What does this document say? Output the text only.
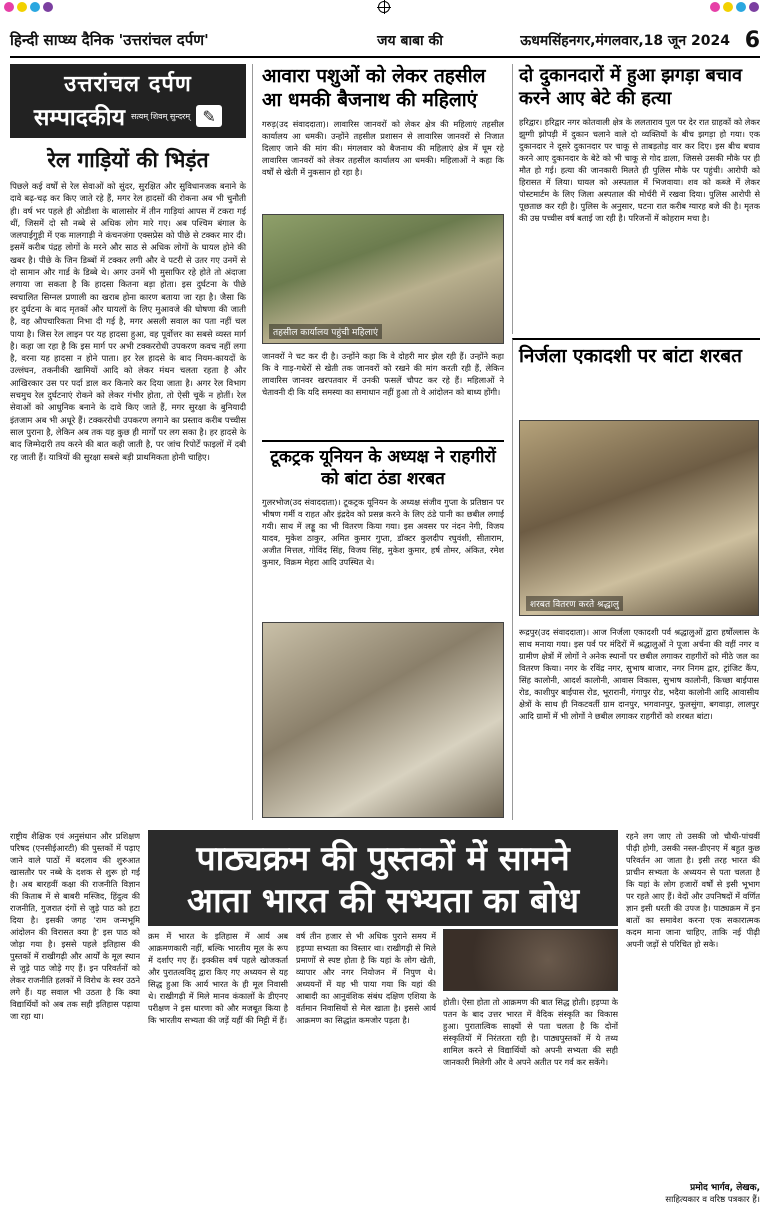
हिन्दी साप्ध्य दैनिक 'उत्तरांचल दर्पण'	जय बाबा की	ऊधमसिंहनगर,मंगलवार,18 जून 2024 6
उत्तरांचल दर्पण
सम्पादकीय सत्यम् शिवम् सुन्दरम् ✎
रेल गाड़ियों की भिड़ंत
पिछले कई वर्षों से रेल सेवाओं को सुंदर, सुरक्षित और सुविधानजक बनाने के दावे बढ़-चढ़ कर किए जाते रहे हैं, मगर रेल हादसों की रोकना अब भी चुनौती ही। वर्ष भर पहले ही ओडीशा के बालासोर में तीन गाड़ियां आपस में टकरा गई थीं, जिसमें दो सौ नब्बे से अधिक लोग मारे गए। अब पश्चिम बंगाल के जलपाईगुड़ी में एक मालगाड़ी ने कंचनजंगा एक्सप्रेस को पीछे से टक्कर मार दी। इसमें करीब पंद्रह लोगों के मरने और साठ से अधिक लोगों के घायल होने की खबर है। पीछे के जिन डिब्बों में टक्कर लगी और वे पटरी से उतर गए उनमें से दो सामान और गार्ड के डिब्बे थे। अगर उनमें भी मुसाफिर रहे होते तो अंदाजा लगाया जा सकता है कि हादसा कितना बड़ा होता। इस दुर्घटना के पीछे स्वचालित सिग्नल प्रणाली का खराब होना कारण बताया जा रहा है। जैसा कि हर दुर्घटना के बाद मृतकों और घायलों के लिए मुआवजे की घोषणा की जाती है, वह औपचारिकता निभा दी गई है, मगर असली सवाल का पता नहीं चल पाया है। जिस रेल लाइन पर यह हादसा हुआ, वह पूर्वोत्तर का सबसे व्यस्त मार्ग है। कहा जा रहा है कि इस मार्ग पर अभी टक्कररोधी उपकरण कवच नहीं लगा है, वरना यह हादसा न होने पाता। हर रेल हादसे के बाद नियम-कायदों के उल्लंघन, तकनीकी खामियों आदि को लेकर मंथन चलता रहता है और आखिरकार उस पर पर्दा डाल कर किनारे कर दिया जाता है। अगर रेल विभाग सचमुच रेल दुर्घटनाएं रोकने को लेकर गंभीर होता, तो ऐसी चूकें न होतीं। रेल सेवाओं को आधुनिक बनाने के दावे किए जाते हैं, मगर सुरक्षा के बुनियादी इंतजाम अब भी अधूरे हैं। टक्कररोधी उपकरण लगाने का प्रस्ताव करीब पच्चीस साल पुराना है, लेकिन अब तक यह कुछ ही मार्गों पर लग सका है। हर हादसे के बाद जिम्मेदारी तय करने की बात कही जाती है, पर जांच रिपोर्टें फाइलों में दबी रह जाती हैं। यात्रियों की सुरक्षा सबसे बड़ी प्राथमिकता होनी चाहिए।
आवारा पशुओं को लेकर तहसील आ धमकी बैजनाथ की महिलाएं
गरुड़(उद संवाददाता)। लावारिस जानवरों को लेकर क्षेत्र की महिलाएं तहसील कार्यालय आ धमकी। उन्होंने तहसील प्रशासन से लावारिस जानवरों से निजात दिलाए जाने की मांग की। मंगलवार को बैजनाथ की महिलाएं क्षेत्र में घूम रहे लावारिस जानवरों को लेकर तहसील कार्यालय आ धमकी। महिलाओं ने कहा कि वर्षों से खेती में नुकसान हो रहा है।
तहसील कार्यालय पहुंची महिलाएं
जानवरों ने चट कर दी है। उन्होंने कहा कि वे दोहरी मार झेल रही हैं। उन्होंने कहा कि वे गाड़-गधेरों से खेती तक जानवरों को रखने की मांग करती रही हैं, लेकिन लावारिस जानवर खरपतवार में उनकी फसलें चौपट कर रहे हैं। महिलाओं ने चेतावनी दी कि यदि समस्या का समाधान नहीं हुआ तो वे आंदोलन को बाध्य होंगी।
दो दुकानदारों में हुआ झगड़ा बचाव करने आए बेटे की हत्या
हरिद्वार। हरिद्वार नगर कोतवाली क्षेत्र के ललताराव पुल पर देर रात ग्राहकों को लेकर झुग्गी झोपड़ी में दुकान चलाने वाले दो व्यक्तियों के बीच झगड़ा हो गया। एक दुकानदार ने दूसरे दुकानदार पर चाकू से ताबड़तोड़ वार कर दिए। इस बीच बचाव करने आए दुकानदार के बेटे को भी चाकू से गोद डाला, जिससे उसकी मौके पर ही मौत हो गई। हत्या की जानकारी मिलते ही पुलिस मौके पर पहुंची। आरोपी को हिरासत में लिया। घायल को अस्पताल में भिजवाया। शव को कब्जे में लेकर पोस्टमार्टम के लिए जिला अस्पताल की मोर्चरी में रखवा दिया। पुलिस आरोपी से पूछताछ कर रही है। पुलिस के अनुसार, घटना रात करीब ग्यारह बजे की है। मृतक की उम्र पच्चीस वर्ष बताई जा रही है। परिजनों में कोहराम मचा है।
टूकट्रक यूनियन के अध्यक्ष ने राहगीरों को बांटा ठंडा शरबत
गुलरभोज(उद संवाददाता)। टूकट्रक यूनियन के अध्यक्ष संजीव गुप्ता के प्रतिष्ठान पर भीषण गर्मी व राहत और इंद्रदेव को प्रसन्न करने के लिए ठंडे पानी का छबील लगाई गयी। साथ में लड्डू का भी वितरण किया गया। इस अवसर पर नंदन नेगी, विजय यादव, मुकेश ठाकुर, अमित कुमार गुप्ता, डॉक्टर कुलदीप रघुवंशी, सीताराम, अजीत मित्तल, गोविंद सिंह, विजय सिंह, मुकेश कुमार, हर्ष तोमर, अंकित, रमेश कुमार, विक्रम मेहरा आदि उपस्थित थे।
निर्जला एकादशी पर बांटा शरबत
शरबत वितरण करते श्रद्धालु
रूद्रपुर(उद संवाददाता)। आज निर्जला एकादशी पर्व श्रद्धालुओं द्वारा हर्षोल्लास के साथ मनाया गया। इस पर्व पर मंदिरों में श्रद्धालुओं ने पूजा अर्चना की वहीं नगर व ग्रामीण क्षेत्रों में लोगों ने अनेक स्थानों पर छबील लगाकर राहगीरों को मीठे जल का वितरण किया। नगर के रविंद्र नगर, सुभाष बाजार, नगर निगम द्वार, ट्रांजिट कैंप, सिंह कालोनी, आदर्श कालोनी, आवास विकास, सुभाष कालोनी, किच्छा बाईपास रोड, काशीपुर बाईपास रोड, भूरारानी, गंगापुर रोड, भदैया कालोनी आदि आवासीय क्षेत्रों के साथ ही निकटवर्ती ग्राम दानपुर, भगवानपुर, फुलसुंगा, बगवाड़ा, लालपुर आदि ग्रामों में भी लोगों ने छबील लगाकर राहगीरों को शरबत बांटा।
राष्ट्रीय शैक्षिक एवं अनुसंधान और प्रशिक्षण परिषद (एनसीईआरटी) की पुस्तकों में पढ़ाए जाने वाले पाठों में बदलाव की शुरुआत खासतौर पर नब्बे के दशक से शुरू हो गई है। अब बारहवीं कक्षा की राजनीति विज्ञान की किताब में से बाबरी मस्जिद, हिंदुत्व की राजनीति, गुजरात दंगों से जुड़े पाठ को हटा दिया है। इसकी जगह 'राम जन्मभूमि आंदोलन की विरासत क्या है' इस पाठ को जोड़ा गया है। इससे पहले इतिहास की पुस्तकों में राखीगढ़ी और आर्यों के मूल स्थान से जुड़े पाठ जोड़े गए हैं। इन परिवर्तनों को लेकर राजनीति हलकों में विरोध के स्वर उठने लगे हैं। यह सवाल भी उठता है कि क्या विद्यार्थियों को अब तक सही इतिहास पढ़ाया जा रहा था।
पाठ्यक्रम की पुस्तकों में सामने
आता भारत की सभ्यता का बोध
क्रम में भारत के इतिहास में आर्य अब आक्रमणकारी नहीं, बल्कि भारतीय मूल के रूप में दर्शाए गए हैं। इक्कीस वर्ष पहले खोजकर्ता और पुरातत्वविद् द्वारा किए गए अध्ययन से यह सिद्ध हुआ कि आर्य भारत के ही मूल निवासी थे। राखीगढ़ी में मिले मानव कंकालों के डीएनए परीक्षण ने इस धारणा को और मजबूत किया है कि भारतीय सभ्यता की जड़ें यहीं की मिट्टी में हैं।
वर्ष तीन हजार से भी अधिक पुराने समय में हड़प्पा सभ्यता का विस्तार था। राखीगढ़ी से मिले प्रमाणों से स्पष्ट होता है कि यहां के लोग खेती, व्यापार और नगर नियोजन में निपुण थे। अध्ययनों में यह भी पाया गया कि यहां की आबादी का आनुवंशिक संबंध दक्षिण एशिया के वर्तमान निवासियों से मेल खाता है। इससे आर्य आक्रमण का सिद्धांत कमजोर पड़ता है।
होती। ऐसा होता तो आक्रमण की बात सिद्ध होती। हड़प्पा के पतन के बाद उत्तर भारत में वैदिक संस्कृति का विकास हुआ। पुरातात्विक साक्ष्यों से पता चलता है कि दोनों संस्कृतियों में निरंतरता रही है। पाठ्यपुस्तकों में ये तथ्य शामिल करने से विद्यार्थियों को अपनी सभ्यता की सही जानकारी मिलेगी और वे अपने अतीत पर गर्व कर सकेंगे।
रहने लग जाए तो उसकी जो चौथी-पांचवीं पीढ़ी होगी, उसकी नस्ल-डीएनए में बहुत कुछ परिवर्तन आ जाता है। इसी तरह भारत की प्राचीन सभ्यता के अध्ययन से पता चलता है कि यहां के लोग हजारों वर्षों से इसी भूभाग पर रहते आए हैं। वेदों और उपनिषदों में वर्णित ज्ञान इसी धरती की उपज है। पाठ्यक्रम में इन बातों का समावेश करना एक सकारात्मक कदम माना जाना चाहिए, ताकि नई पीढ़ी अपनी जड़ों से परिचित हो सके।
प्रमोद भार्गव, लेखक,
साहित्यकार व वरिष्ठ पत्रकार हैं।
